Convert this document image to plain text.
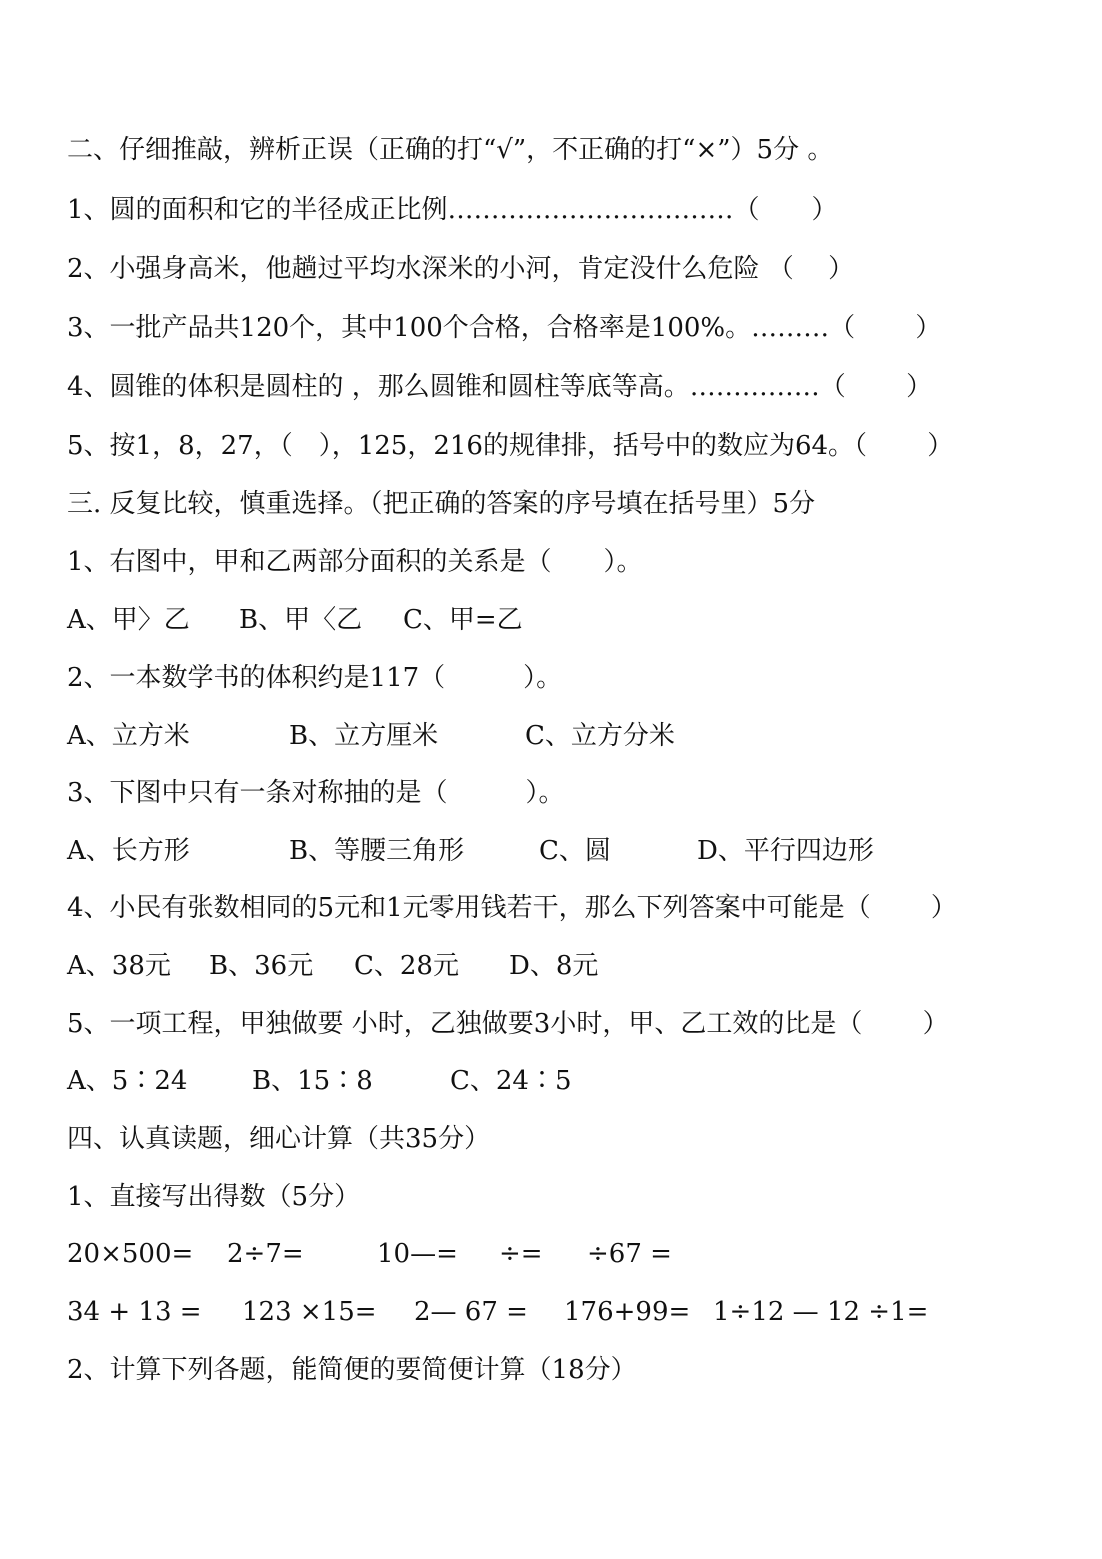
二、仔细推敲，辨析正误（正确的打“√”，不正确的打“×”）5分 。
1、圆的面积和它的半径成正比例……………………………（　　）
2、小强身高米，他趟过平均水深米的小河，肯定没什么危险 （　 ）
3、一批产品共120个，其中100个合格，合格率是100%。………（　　 ）
4、圆锥的体积是圆柱的 ，那么圆锥和圆柱等底等高。……………（　　 ）
5、按1，8，27，（　），125，216的规律排，括号中的数应为64。（　　 ）
三. 反复比较，慎重选择。（把正确的答案的序号填在括号里）5分
1、右图中，甲和乙两部分面积的关系是（　　）。

A、甲〉乙

B、甲〈乙

C、甲=乙

2、一本数学书的体积约是117（　　　）。

A、立方米

	B、立方厘米

	C、立方分米

3、下图中只有一条对称抽的是（　　　）。

A、长方形

	B、等腰三角形

	C、圆

	D、平行四边形

4、小民有张数相同的5元和1元零用钱若干，那么下列答案中可能是（　　 ）

A、38元

B、36元

C、28元

D、8元

5、一项工程，甲独做要 小时，乙独做要3小时，甲、乙工效的比是（　　 ）

A、5∶24

B、15∶8

	C、24∶5

四、认真读题，细心计算（共35分）
1、直接写出得数（5分）

20×500=

2÷7=

	10—=

÷=

÷67 =

34 + 13 =

123 ×15=

2— 67 =

176+99=

1÷12 — 12 ÷1=

2、计算下列各题，能简便的要简便计算（18分）
